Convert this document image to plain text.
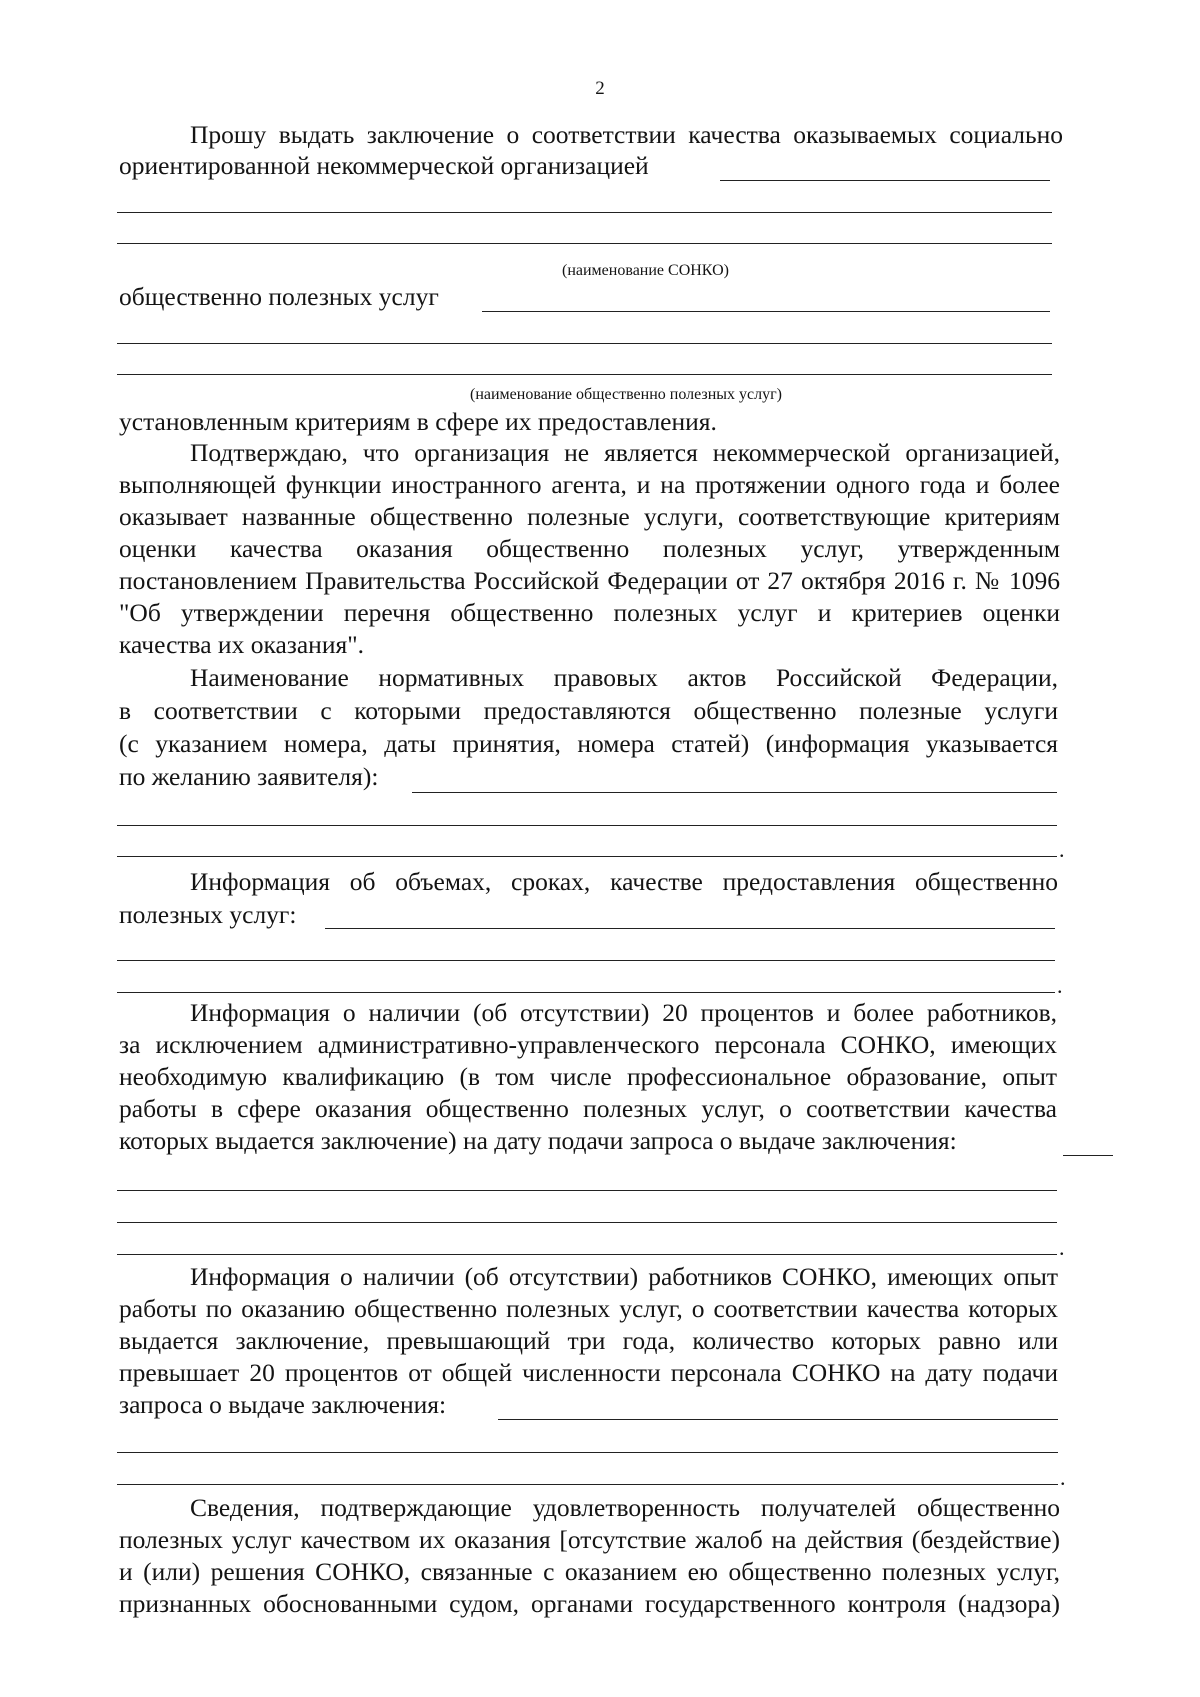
2
Прошу выдать заключение о соответствии качества оказываемых социально
ориентированной некоммерческой организацией
(наименование СОНКО)
общественно полезных услуг
(наименование общественно полезных услуг)
установленным критериям в сфере их предоставления.
Подтверждаю, что организация не является некоммерческой организацией,
выполняющей функции иностранного агента, и на протяжении одного года и более
оказывает названные общественно полезные услуги, соответствующие критериям
оценки качества оказания общественно полезных услуг, утвержденным
постановлением Правительства Российской Федерации от 27 октября 2016 г. № 1096
"Об утверждении перечня общественно полезных услуг и критериев оценки
качества их оказания".
Наименование нормативных правовых актов Российской Федерации,
в соответствии с которыми предоставляются общественно полезные услуги
(с указанием номера, даты принятия, номера статей) (информация указывается
по желанию заявителя):
.
Информация об объемах, сроках, качестве предоставления общественно
полезных услуг:
.
Информация о наличии (об отсутствии) 20 процентов и более работников,
за исключением административно-управленческого персонала СОНКО, имеющих
необходимую квалификацию (в том числе профессиональное образование, опыт
работы в сфере оказания общественно полезных услуг, о соответствии качества
которых выдается заключение) на дату подачи запроса о выдаче заключения:
.
Информация о наличии (об отсутствии) работников СОНКО, имеющих опыт
работы по оказанию общественно полезных услуг, о соответствии качества которых
выдается заключение, превышающий три года, количество которых равно или
превышает 20 процентов от общей численности персонала СОНКО на дату подачи
запроса о выдаче заключения:
.
Сведения, подтверждающие удовлетворенность получателей общественно
полезных услуг качеством их оказания [отсутствие жалоб на действия (бездействие)
и (или) решения СОНКО, связанные с оказанием ею общественно полезных услуг,
признанных обоснованными судом, органами государственного контроля (надзора)
